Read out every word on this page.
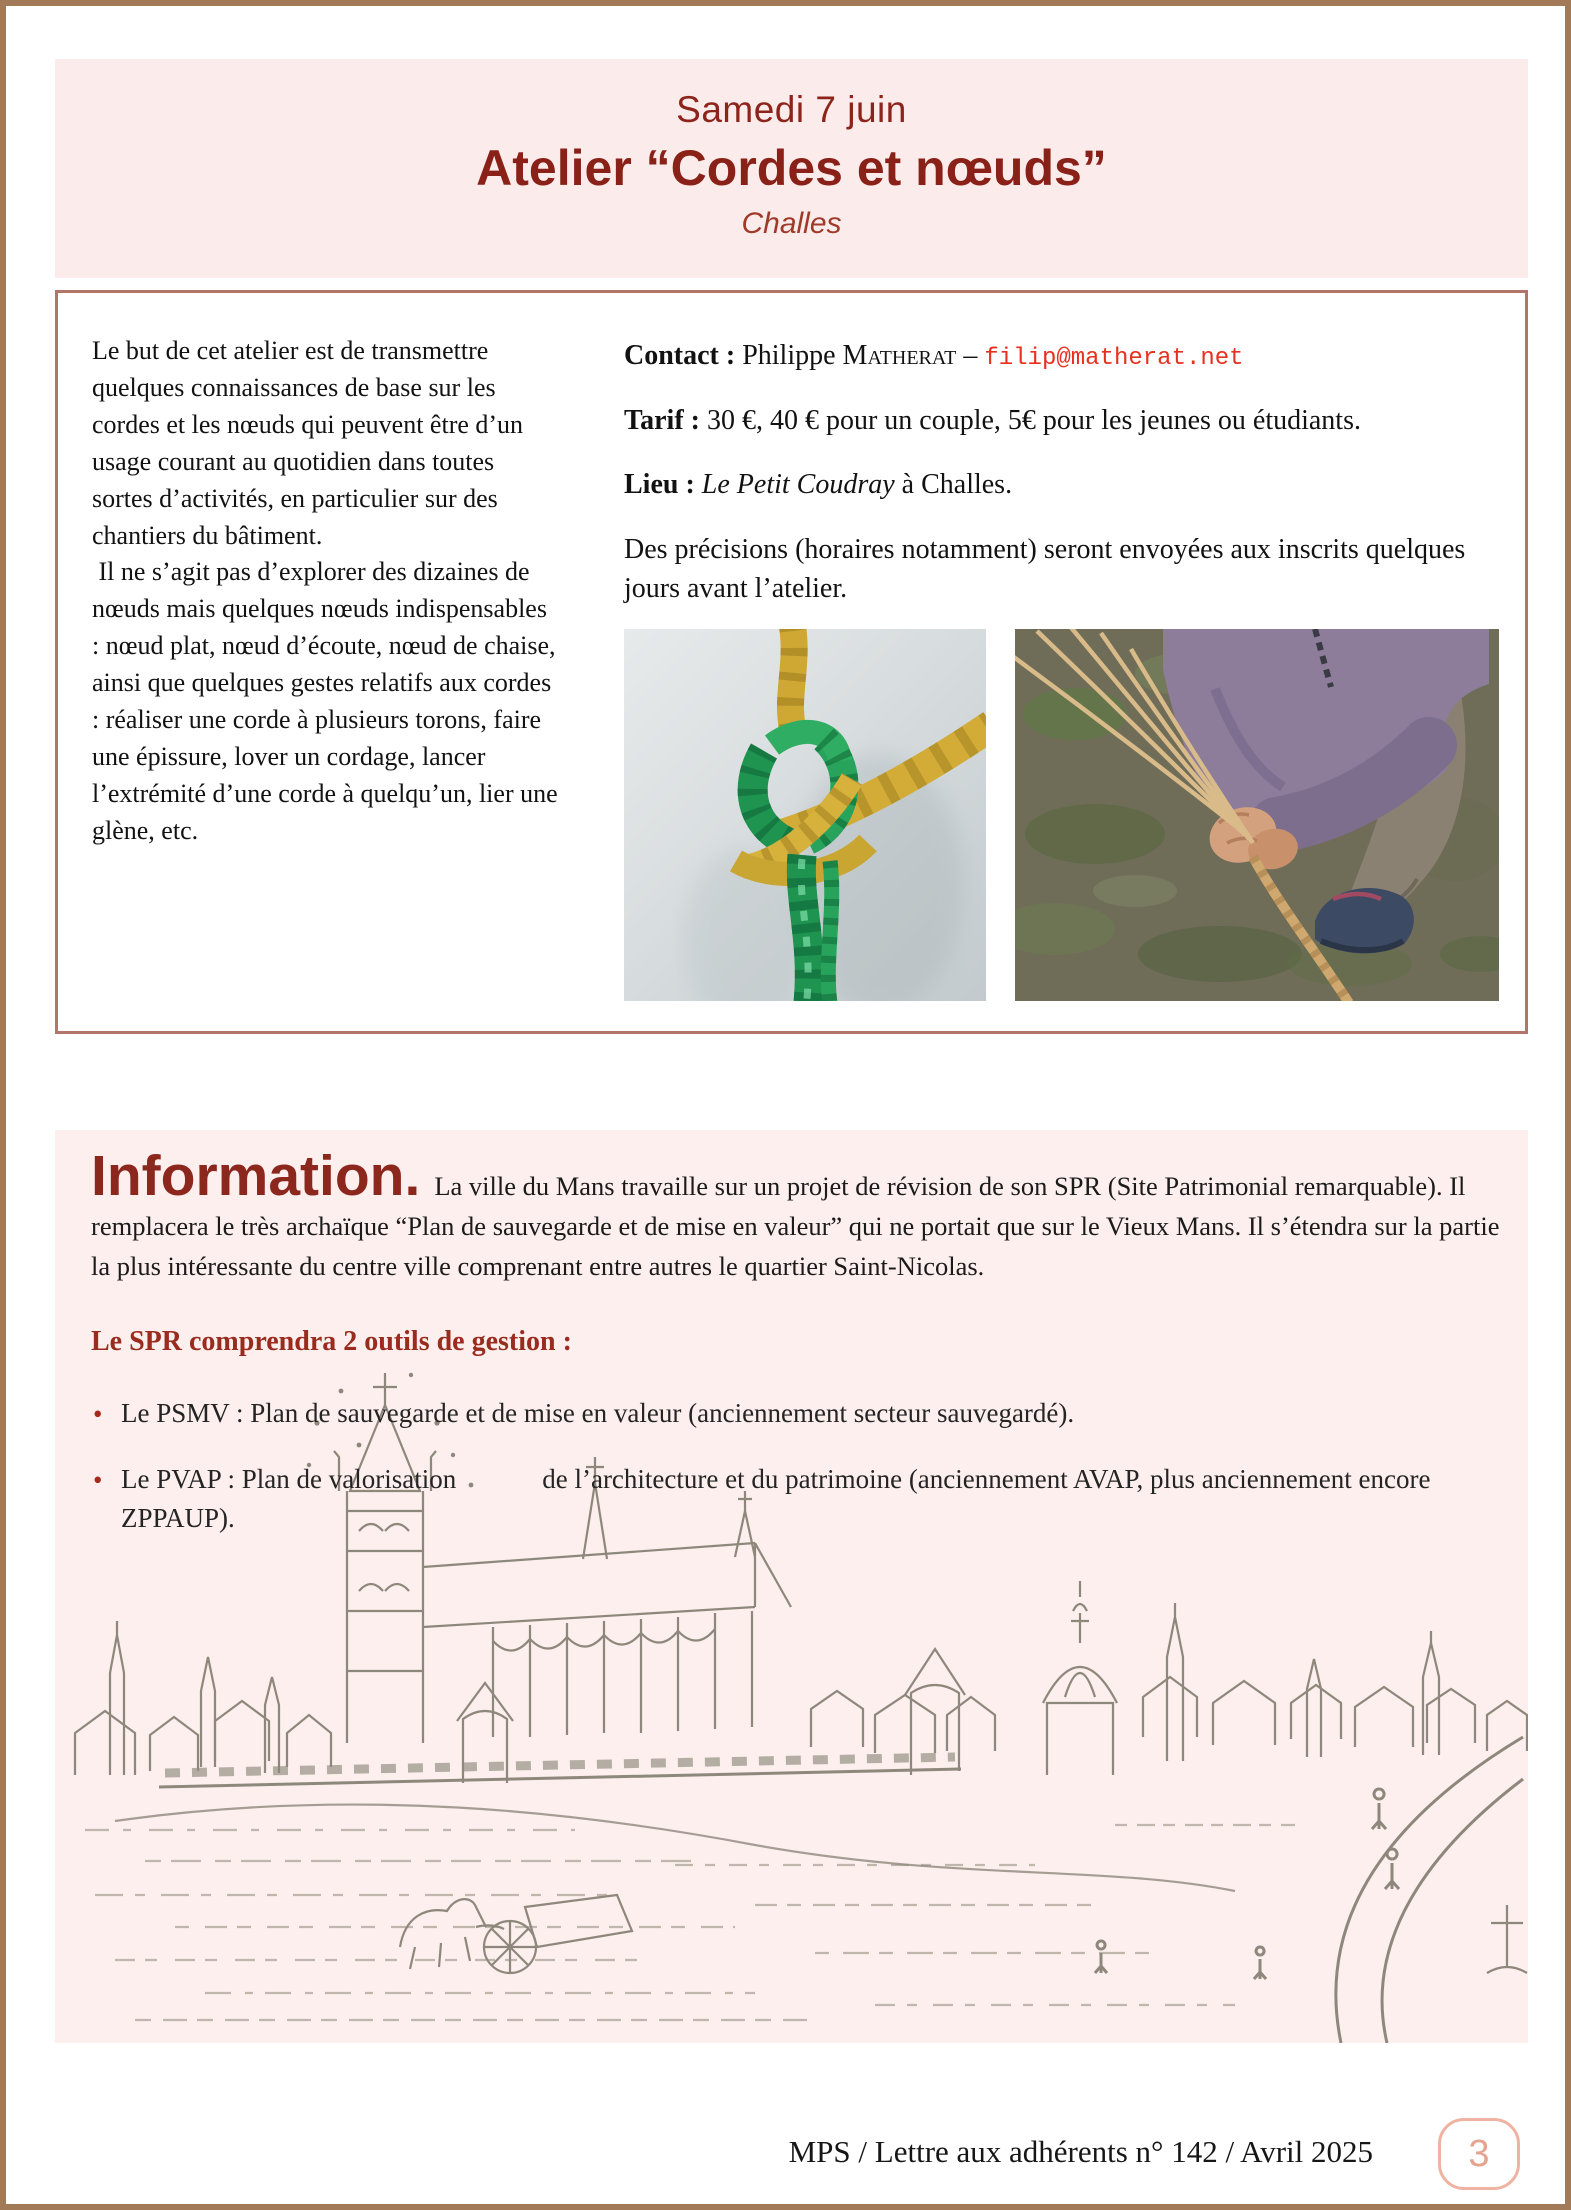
Samedi 7 juin
Atelier “Cordes et nœuds”
Challes

Le but de cet atelier est de transmettre quelques connaissances de base sur les cordes et les nœuds qui peuvent être d’un usage courant au quotidien dans toutes sortes d’activités, en particulier sur des chantiers du bâtiment.

Il ne s’agit pas d’explorer des dizaines de nœuds mais quelques nœuds indispensables : nœud plat, nœud d’écoute, nœud de chaise, ainsi que quelques gestes relatifs aux cordes : réaliser une corde à plusieurs torons, faire une épissure, lover un cordage, lancer l’extrémité d’une corde à quelqu’un, lier une glène, etc.

Contact : Philippe Matherat – filip@matherat.net

Tarif : 30 €, 40 € pour un couple, 5€ pour les jeunes ou étudiants.

Lieu : Le Petit Coudray à Challes.

Des précisions (horaires notamment) seront envoyées aux inscrits quelques jours avant l’atelier.

Information. La ville du Mans travaille sur un projet de révision de son SPR (Site Patrimonial remarquable). Il remplacera le très archaïque “Plan de sauvegarde et de mise en valeur” qui ne portait que sur le Vieux Mans. Il s’étendra sur la partie la plus intéressante du centre ville comprenant entre autres le quartier Saint-Nicolas.

Le SPR comprendra 2 outils de gestion :

• Le PSMV : Plan de sauvegarde et de mise en valeur (anciennement secteur sauvegardé).

• Le PVAP : Plan de valorisation	de l’architecture et du patrimoine (anciennement AVAP, plus anciennement encore ZPPAUP).

MPS / Lettre aux adhérents n° 142 / Avril 2025	3
